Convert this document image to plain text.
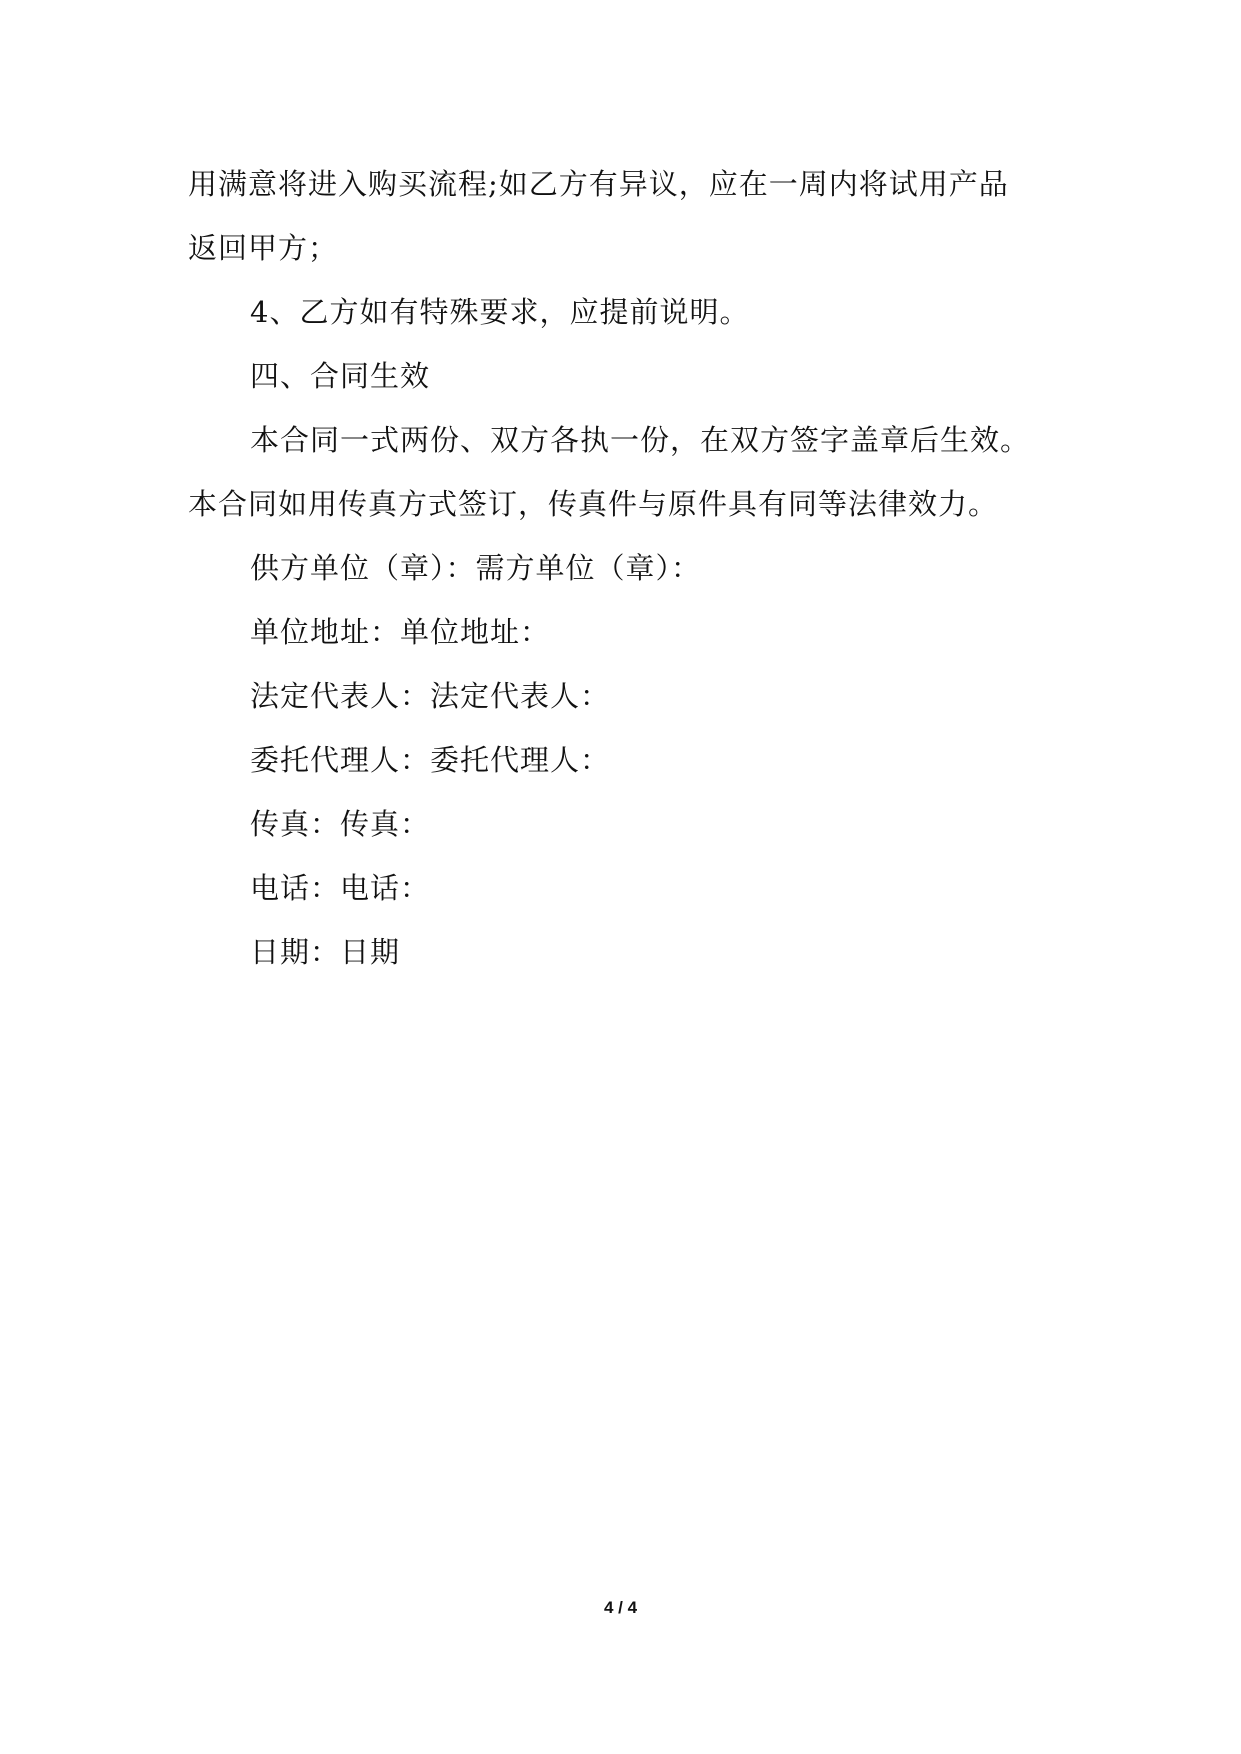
用满意将进入购买流程;如乙方有异议，应在一周内将试用产品
返回甲方；
4、乙方如有特殊要求，应提前说明。
四、合同生效
本合同一式两份、双方各执一份，在双方签字盖章后生效。
本合同如用传真方式签订，传真件与原件具有同等法律效力。
供方单位（章）：需方单位（章）：
单位地址：单位地址：
法定代表人：法定代表人：
委托代理人：委托代理人：
传真：传真：
电话：电话：
日期：日期
4 / 4
